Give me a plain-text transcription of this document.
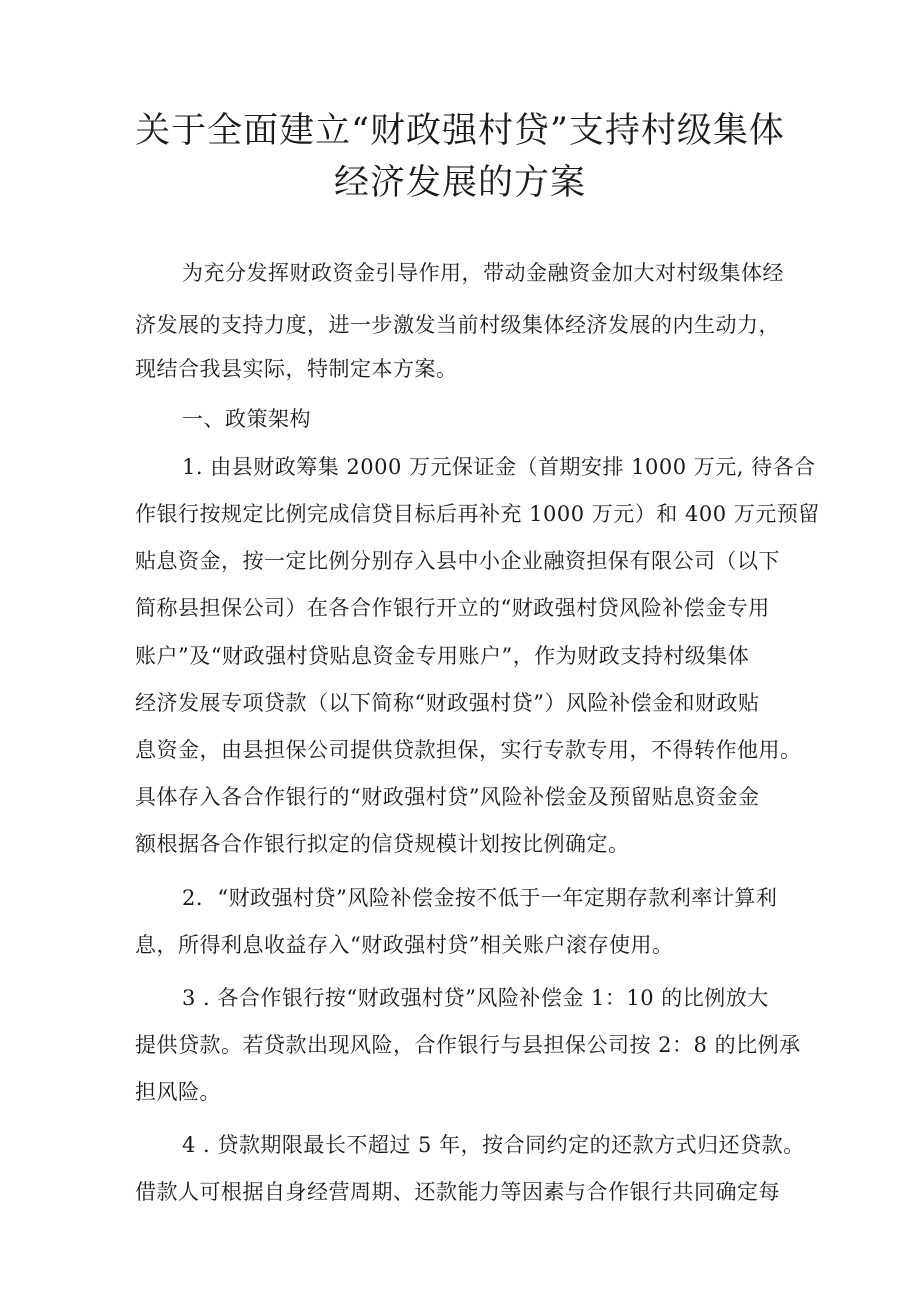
关于全面建立“财政强村贷”支持村级集体
经济发展的方案
为充分发挥财政资金引导作用，带动金融资金加大对村级集体经
济发展的支持力度，进一步激发当前村级集体经济发展的内生动力，
现结合我县实际，特制定本方案。
一、政策架构
1. 由县财政筹集 2000 万元保证金（首期安排 1000 万元, 待各合
作银行按规定比例完成信贷目标后再补充 1000 万元）和 400 万元预留
贴息资金，按一定比例分别存入县中小企业融资担保有限公司（以下
简称县担保公司）在各合作银行开立的“财政强村贷风险补偿金专用
账户”及“财政强村贷贴息资金专用账户”，作为财政支持村级集体
经济发展专项贷款（以下简称“财政强村贷”）风险补偿金和财政贴
息资金，由县担保公司提供贷款担保，实行专款专用，不得转作他用。
具体存入各合作银行的“财政强村贷”风险补偿金及预留贴息资金金
额根据各合作银行拟定的信贷规模计划按比例确定。
2．“财政强村贷”风险补偿金按不低于一年定期存款利率计算利
息，所得利息收益存入“财政强村贷”相关账户滚存使用。
3 . 各合作银行按“财政强村贷”风险补偿金 1：10 的比例放大
提供贷款。若贷款出现风险，合作银行与县担保公司按 2：8 的比例承
担风险。
4 . 贷款期限最长不超过 5 年，按合同约定的还款方式归还贷款。
借款人可根据自身经营周期、还款能力等因素与合作银行共同确定每
